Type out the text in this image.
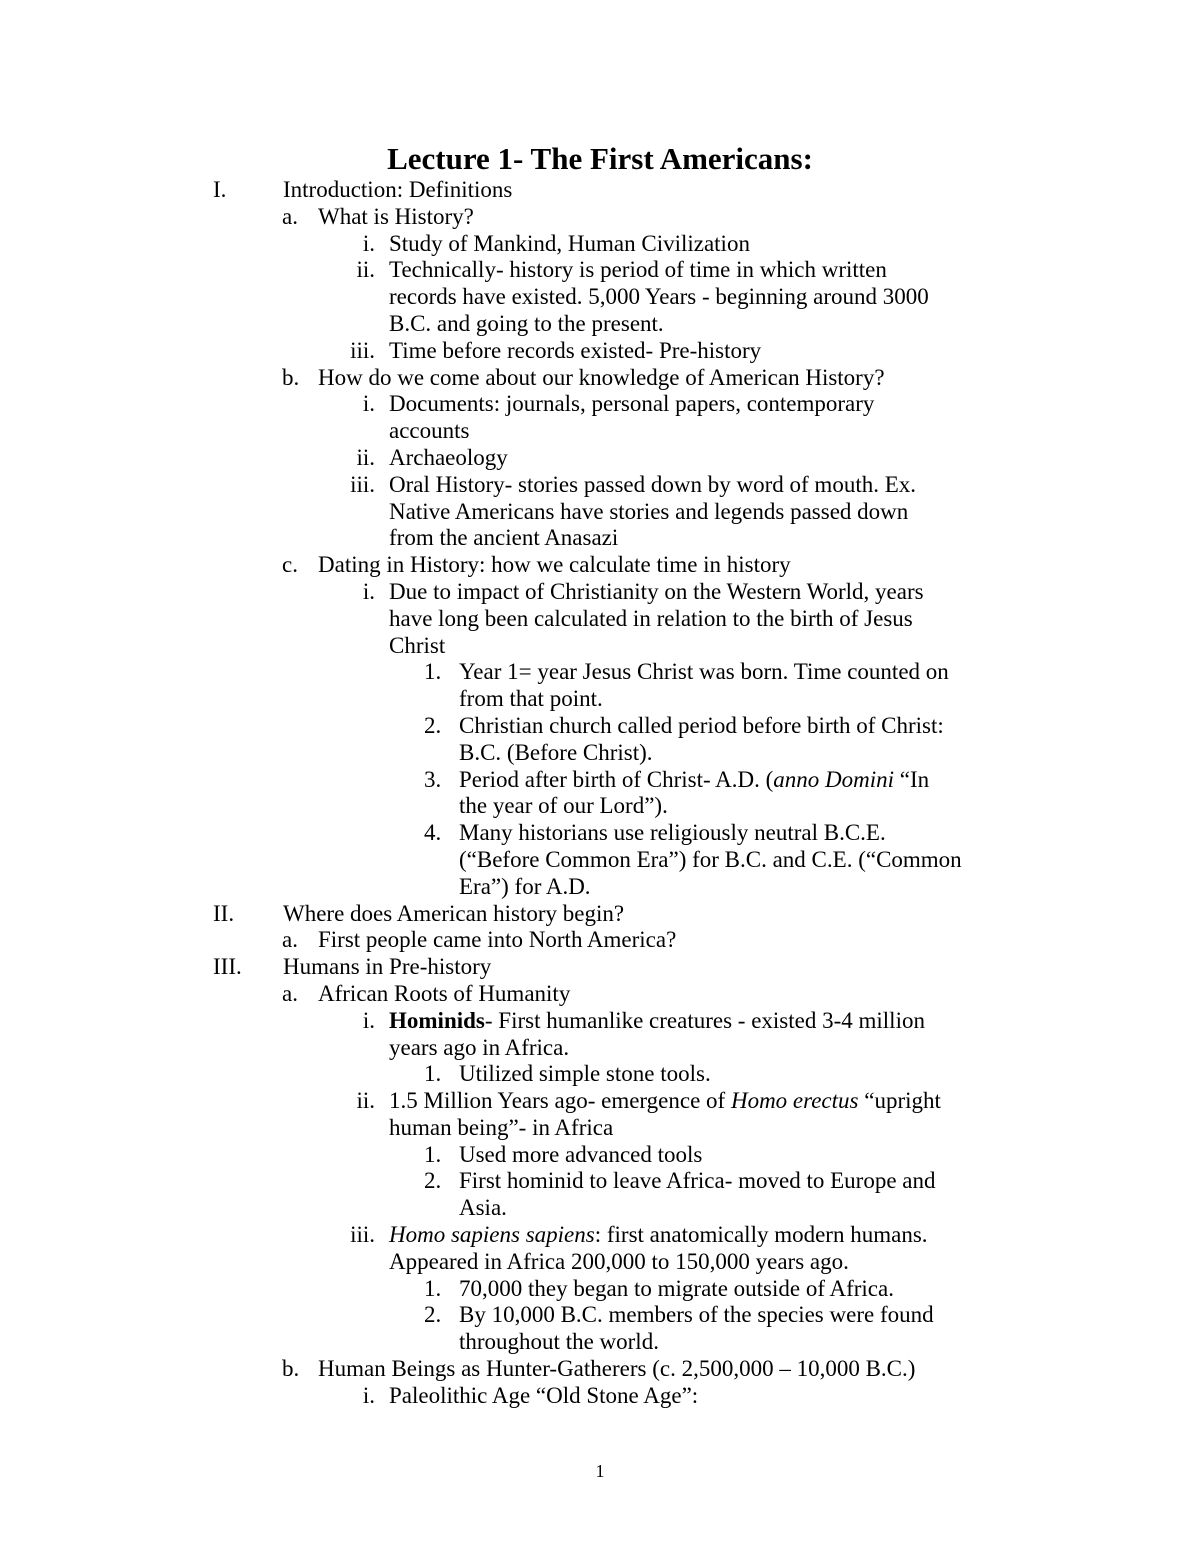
Lecture 1- The First Americans:
I. Introduction: Definitions
a. What is History?
i. Study of Mankind, Human Civilization
ii. Technically- history is period of time in which written
records have existed. 5,000 Years - beginning around 3000
B.C. and going to the present.
iii. Time before records existed- Pre-history
b. How do we come about our knowledge of American History?
i. Documents: journals, personal papers, contemporary
accounts
ii. Archaeology
iii. Oral History- stories passed down by word of mouth. Ex.
Native Americans have stories and legends passed down
from the ancient Anasazi
c. Dating in History: how we calculate time in history
i. Due to impact of Christianity on the Western World, years
have long been calculated in relation to the birth of Jesus
Christ
1. Year 1= year Jesus Christ was born. Time counted on
from that point.
2. Christian church called period before birth of Christ:
B.C. (Before Christ).
3. Period after birth of Christ- A.D. (anno Domini “In
the year of our Lord”).
4. Many historians use religiously neutral B.C.E.
(“Before Common Era”) for B.C. and C.E. (“Common
Era”) for A.D.
II. Where does American history begin?
a. First people came into North America?
III. Humans in Pre-history
a. African Roots of Humanity
i. Hominids- First humanlike creatures - existed 3-4 million
years ago in Africa.
1. Utilized simple stone tools.
ii. 1.5 Million Years ago- emergence of Homo erectus “upright
human being”- in Africa
1. Used more advanced tools
2. First hominid to leave Africa- moved to Europe and
Asia.
iii. Homo sapiens sapiens: first anatomically modern humans.
Appeared in Africa 200,000 to 150,000 years ago.
1. 70,000 they began to migrate outside of Africa.
2. By 10,000 B.C. members of the species were found
throughout the world.
b. Human Beings as Hunter-Gatherers (c. 2,500,000 – 10,000 B.C.)
i. Paleolithic Age “Old Stone Age”:
1
